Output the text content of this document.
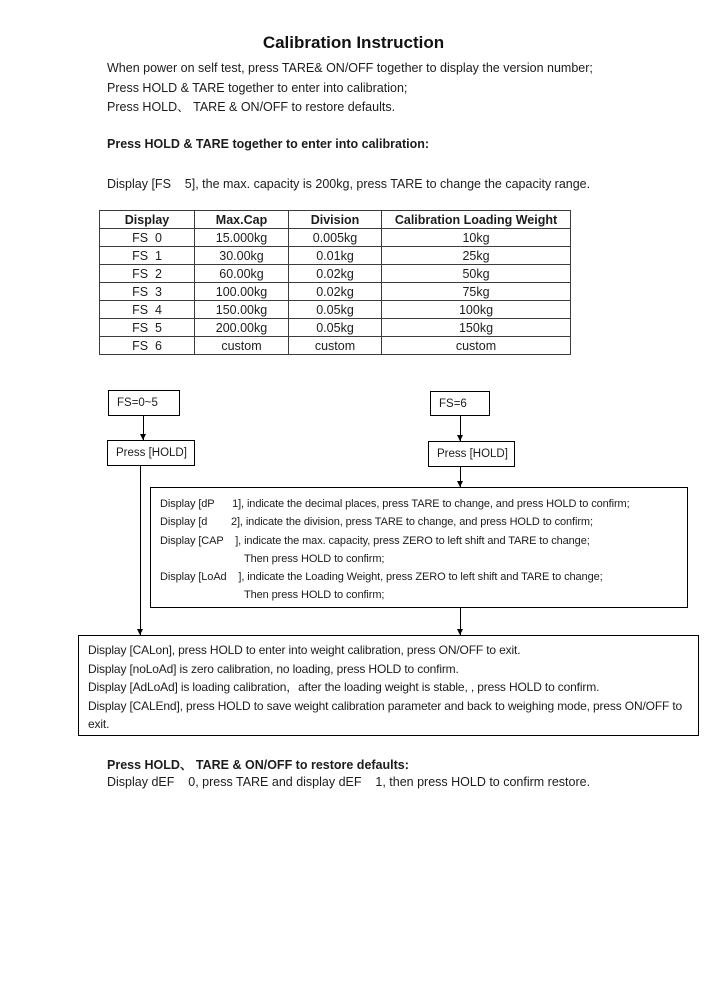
Calibration Instruction
When power on self test, press TARE& ON/OFF together to display the version number;
Press HOLD & TARE together to enter into calibration;
Press HOLD、 TARE & ON/OFF to restore defaults.
Press HOLD & TARE together to enter into calibration:
Display [FS    5], the max. capacity is 200kg, press TARE to change the capacity range.
Display	Max.Cap	Division	Calibration Loading Weight
FS  0	15.000kg	0.005kg	10kg
FS  1	30.00kg	0.01kg	25kg
FS  2	60.00kg	0.02kg	50kg
FS  3	100.00kg	0.02kg	75kg
FS  4	150.00kg	0.05kg	100kg
FS  5	200.00kg	0.05kg	150kg
FS  6	custom	custom	custom
FS=0~5	FS=6
Press [HOLD]	Press [HOLD]
Display [dP      1], indicate the decimal places, press TARE to change, and press HOLD to confirm;
Display [d        2], indicate the division, press TARE to change, and press HOLD to confirm;
Display [CAP    ], indicate the max. capacity, press ZERO to left shift and TARE to change;
Then press HOLD to confirm;
Display [LoAd    ], indicate the Loading Weight, press ZERO to left shift and TARE to change;
Then press HOLD to confirm;
Display [CALon], press HOLD to enter into weight calibration, press ON/OFF to exit.
Display [noLoAd] is zero calibration, no loading, press HOLD to confirm.
Display [AdLoAd] is loading calibration，after the loading weight is stable, , press HOLD to confirm.
Display [CALEnd], press HOLD to save weight calibration parameter and back to weighing mode, press ON/OFF to exit.
Press HOLD、 TARE & ON/OFF to restore defaults:
Display dEF    0, press TARE and display dEF    1, then press HOLD to confirm restore.
